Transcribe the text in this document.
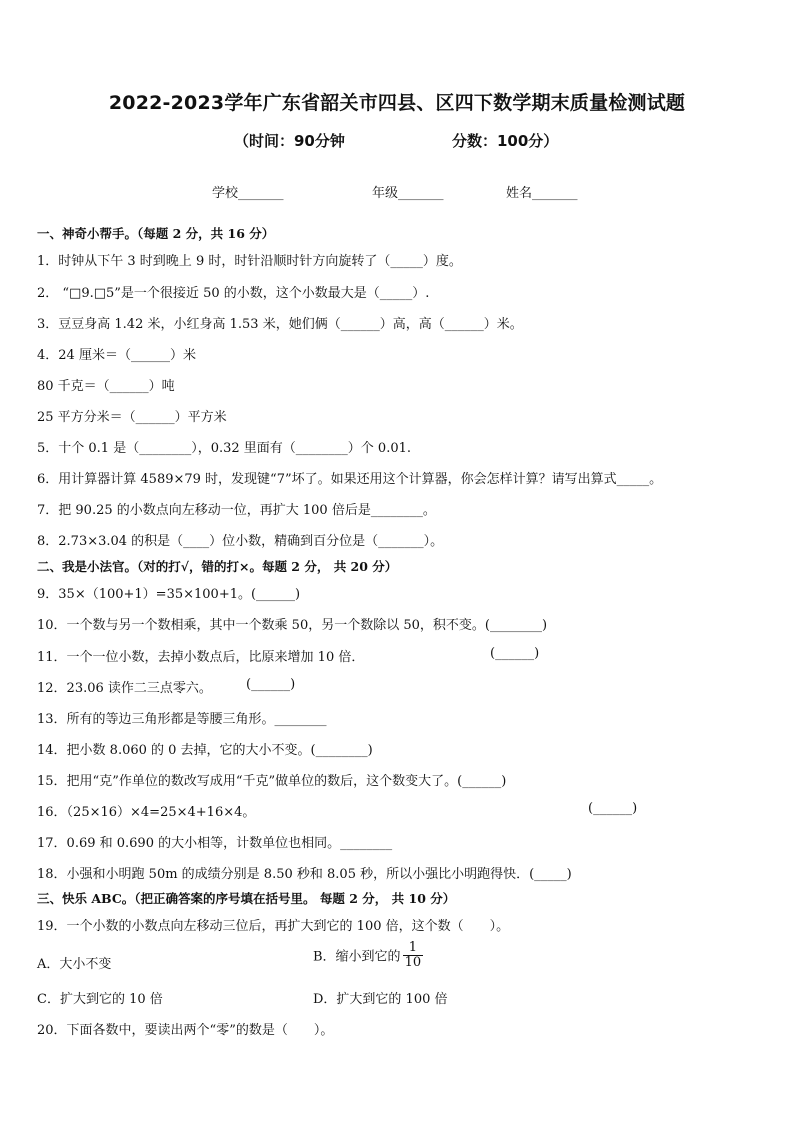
2022-2023学年广东省韶关市四县、区四下数学期末质量检测试题
（时间：90分钟	分数：100分）
学校_______	年级_______	姓名_______
一、神奇小帮手。（每题 2 分，共 16 分）
1．时钟从下午 3 时到晚上 9 时，时针沿顺时针方向旋转了（_____）度。
2． “□9.□5”是一个很接近 50 的小数，这个小数最大是（_____）.
3．豆豆身高 1.42 米，小红身高 1.53 米，她们俩（______）高，高（______）米。
4．24 厘米＝（______）米
80 千克＝（______）吨
25 平方分米＝（______）平方米
5．十个 0.1 是（________），0.32 里面有（________）个 0.01.
6．用计算器计算 4589×79 时，发现键“7”坏了。如果还用这个计算器，你会怎样计算？请写出算式_____。
7．把 90.25 的小数点向左移动一位，再扩大 100 倍后是________。
8．2.73×3.04 的积是（____）位小数，精确到百分位是（_______）。
二、我是小法官。（对的打√，错的打×。每题 2 分， 共 20 分）
9．35×（100+1）=35×100+1。(______)
10．一个数与另一个数相乘，其中一个数乘 50，另一个数除以 50，积不变。(________)
11．一个一位小数，去掉小数点后，比原来增加 10 倍．	(______)
12．23.06 读作二三点零六。	(______)
13．所有的等边三角形都是等腰三角形。________
14．把小数 8.060 的 0 去掉，它的大小不变。(________)
15．把用“克”作单位的数改写成用“千克”做单位的数后，这个数变大了。(______)
16．（25×16）×4=25×4+16×4。	(______)
17．0.69 和 0.690 的大小相等，计数单位也相同。________
18．小强和小明跑 50m 的成绩分别是 8.50 秒和 8.05 秒，所以小强比小明跑得快．(_____)
三、快乐 ABC。（把正确答案的序号填在括号里。 每题 2 分， 共 10 分）
19．一个小数的小数点向左移动三位后，再扩大到它的 100 倍，这个数（　　）。
A．大小不变	B．缩小到它的 $\frac{1}{10}$
C．扩大到它的 10 倍	D．扩大到它的 100 倍
20．下面各数中，要读出两个“零”的数是（　　）。
